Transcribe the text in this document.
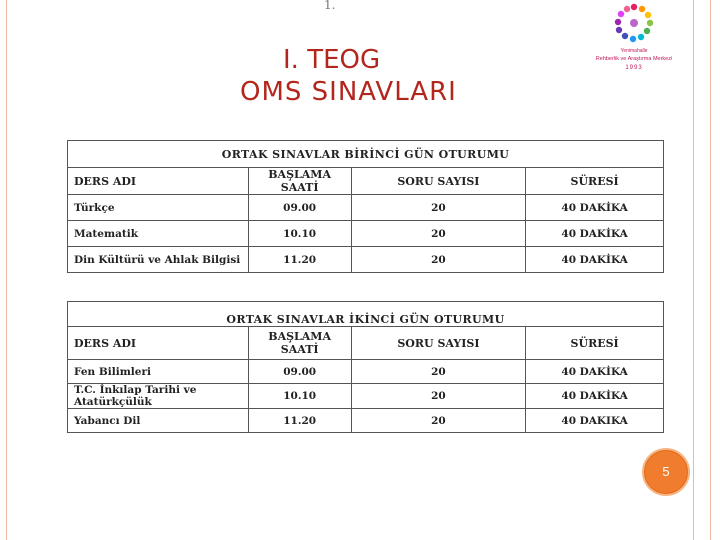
1.
I. TEOG
OMS SINAVLARI
Yenimahalle
Rehberlik ve Araştırma Merkezi
1993
ORTAK SINAVLAR BİRİNCİ GÜN OTURUMU			
DERS ADI	BAŞLAMA SAATİ	SORU SAYISI	SÜRESİ
Türkçe	09.00	20	40 DAKİKA
Matematik	10.10	20	40 DAKİKA
Din Kültürü ve Ahlak Bilgisi	11.20	20	40 DAKİKA
ORTAK SINAVLAR İKİNCİ GÜN OTURUMU			
DERS ADI	BAŞLAMA SAATİ	SORU SAYISI	SÜRESİ
Fen Bilimleri	09.00	20	40 DAKİKA
T.C. İnkılap Tarihi ve Atatürkçülük	10.10	20	40 DAKİKA
Yabancı Dil	11.20	20	40 DAKIKA
5
